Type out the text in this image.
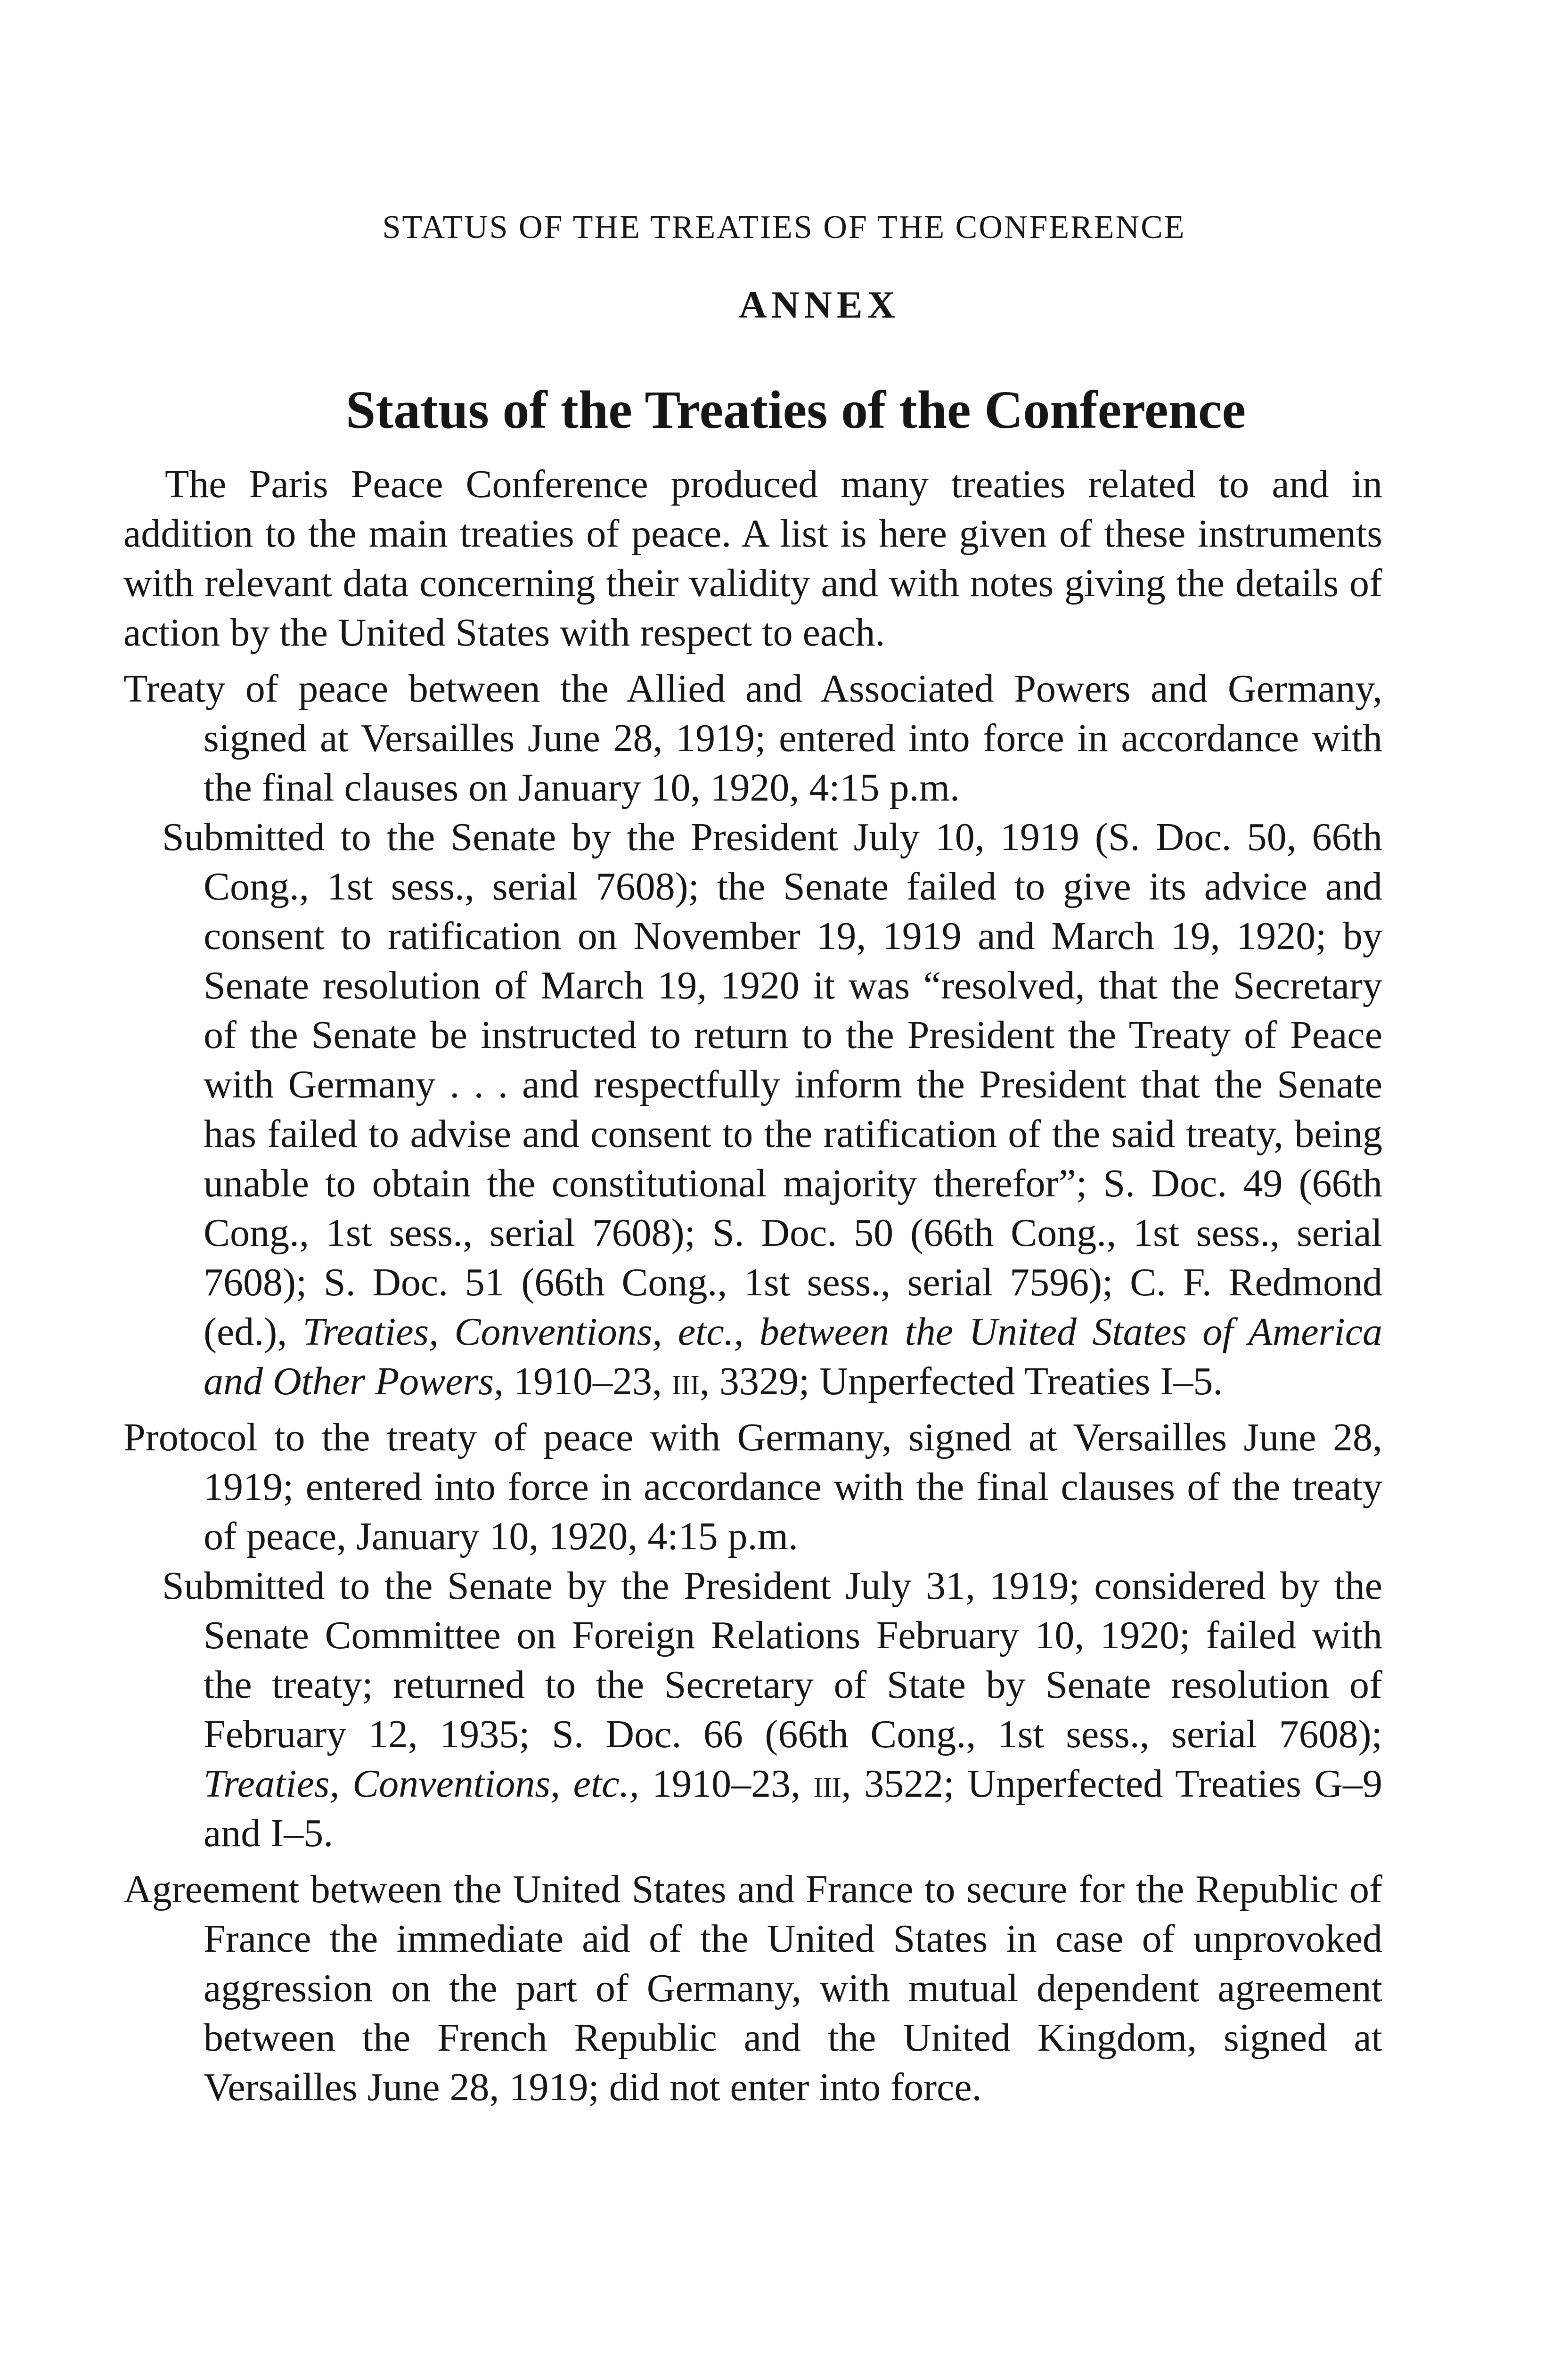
STATUS OF THE TREATIES OF THE CONFERENCE
ANNEX
Status of the Treaties of the Conference

The Paris Peace Conference produced many treaties related to and in addition to the main treaties of peace. A list is here given of these instruments with relevant data concerning their validity and with notes giving the details of action by the United States with respect to each.

Treaty of peace between the Allied and Associated Powers and Germany, signed at Versailles June 28, 1919; entered into force in accordance with the final clauses on January 10, 1920, 4:15 p.m.

Submitted to the Senate by the President July 10, 1919 (S. Doc. 50, 66th Cong., 1st sess., serial 7608); the Senate failed to give its advice and consent to ratification on November 19, 1919 and March 19, 1920; by Senate resolution of March 19, 1920 it was “resolved, that the Secretary of the Senate be instructed to return to the President the Treaty of Peace with Germany . . . and respectfully inform the President that the Senate has failed to advise and consent to the ratification of the said treaty, being unable to obtain the constitutional majority therefor”; S. Doc. 49 (66th Cong., 1st sess., serial 7608); S. Doc. 50 (66th Cong., 1st sess., serial 7608); S. Doc. 51 (66th Cong., 1st sess., serial 7596); C. F. Redmond (ed.), Treaties, Conventions, etc., between the United States of America and Other Powers, 1910–23, iii, 3329; Unperfected Treaties I–5.

Protocol to the treaty of peace with Germany, signed at Versailles June 28, 1919; entered into force in accordance with the final clauses of the treaty of peace, January 10, 1920, 4:15 p.m.

Submitted to the Senate by the President July 31, 1919; considered by the Senate Committee on Foreign Relations February 10, 1920; failed with the treaty; returned to the Secretary of State by Senate resolution of February 12, 1935; S. Doc. 66 (66th Cong., 1st sess., serial 7608); Treaties, Conventions, etc., 1910–23, iii, 3522; Unperfected Treaties G–9 and I–5.

Agreement between the United States and France to secure for the Republic of France the immediate aid of the United States in case of unprovoked aggression on the part of Germany, with mutual dependent agreement between the French Republic and the United Kingdom, signed at Versailles June 28, 1919; did not enter into force.
